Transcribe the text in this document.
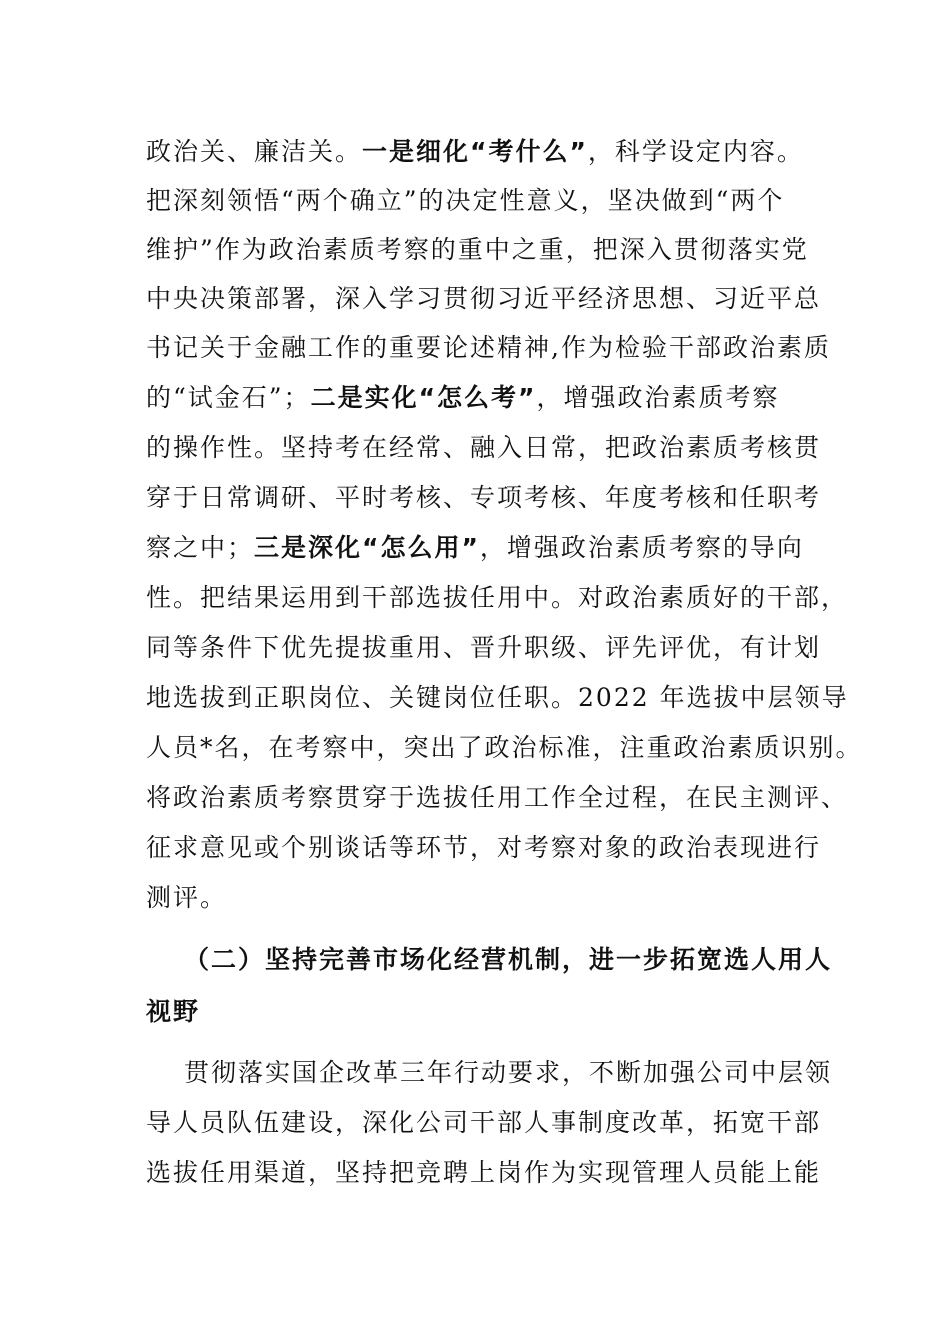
政治关、廉洁关。一是细化“考什么”，科学设定内容。
把深刻领悟“两个确立”的决定性意义，坚决做到“两个
维护”作为政治素质考察的重中之重，把深入贯彻落实党
中央决策部署，深入学习贯彻习近平经济思想、习近平总
书记关于金融工作的重要论述精神,作为检验干部政治素质
的“试金石”；二是实化“怎么考”，增强政治素质考察
的操作性。坚持考在经常、融入日常，把政治素质考核贯
穿于日常调研、平时考核、专项考核、年度考核和任职考
察之中；三是深化“怎么用”，增强政治素质考察的导向
性。把结果运用到干部选拔任用中。对政治素质好的干部，
同等条件下优先提拔重用、晋升职级、评先评优，有计划
地选拔到正职岗位、关键岗位任职。2022 年选拔中层领导
人员*名，在考察中，突出了政治标准，注重政治素质识别。
将政治素质考察贯穿于选拔任用工作全过程，在民主测评、
征求意见或个别谈话等环节，对考察对象的政治表现进行
测评。
（二）坚持完善市场化经营机制，进一步拓宽选人用人
视野
贯彻落实国企改革三年行动要求，不断加强公司中层领
导人员队伍建设，深化公司干部人事制度改革，拓宽干部
选拔任用渠道，坚持把竞聘上岗作为实现管理人员能上能
